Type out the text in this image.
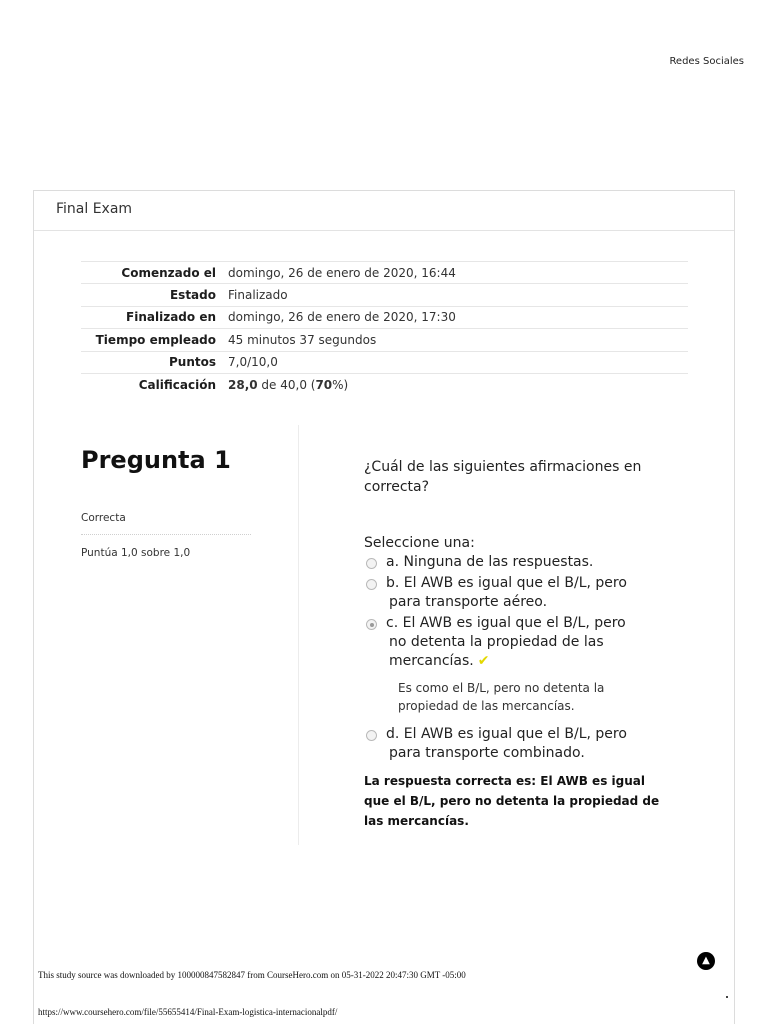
Redes Sociales
Final Exam
Comenzado el	domingo, 26 de enero de 2020, 16:44
Estado	Finalizado
Finalizado en	domingo, 26 de enero de 2020, 17:30
Tiempo empleado	45 minutos 37 segundos
Puntos	7,0/10,0
Calificación	28,0 de 40,0 (70%)
Pregunta 1
Correcta
Puntúa 1,0 sobre 1,0
¿Cuál de las siguientes afirmaciones en correcta?
Seleccione una:
a. Ninguna de las respuestas.
b. El AWB es igual que el B/L, pero
para transporte aéreo.
c. El AWB es igual que el B/L, pero
no detenta la propiedad de las
mercancías. ✔
Es como el B/L, pero no detenta la propiedad de las mercancías.
d. El AWB es igual que el B/L, pero
para transporte combinado.
La respuesta correcta es: El AWB es igual que el B/L, pero no detenta la propiedad de las mercancías.
▲
This study source was downloaded by 100000847582847 from CourseHero.com on 05-31-2022 20:47:30 GMT -05:00
https://www.coursehero.com/file/55655414/Final-Exam-logistica-internacionalpdf/
